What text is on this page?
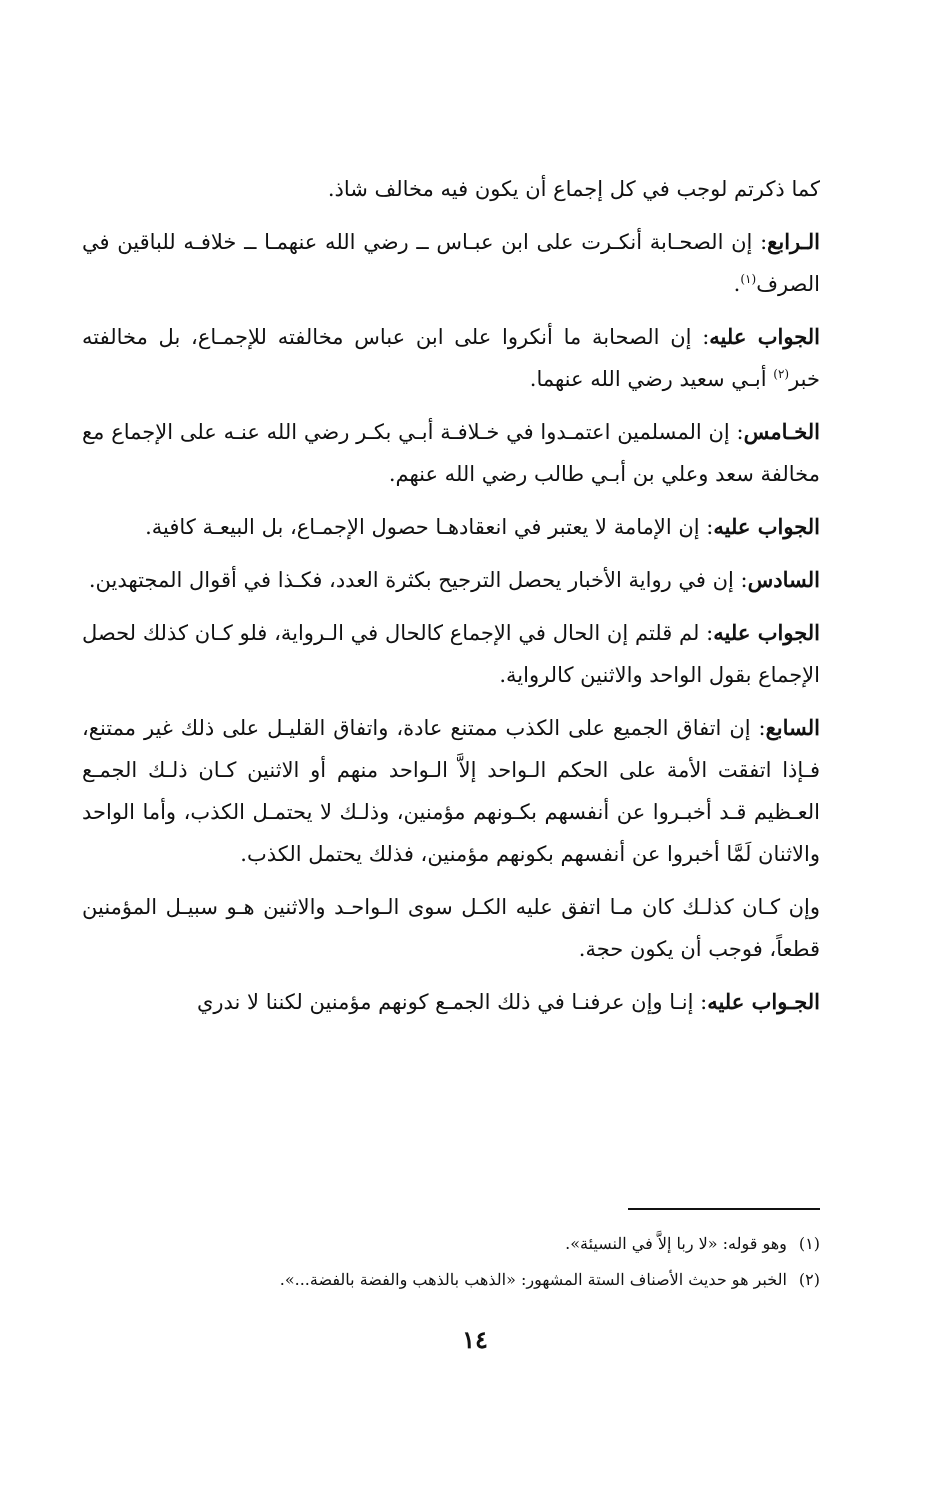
كما ذكرتم لوجب في كل إجماع أن يكون فيه مخالف شاذ.

الـرابع: إن الصحـابة أنكـرت على ابن عبـاس ــ رضي الله عنهمـا ــ خلافـه للباقين في الصرف$^{(١)}$.

الجواب عليه: إن الصحابة ما أنكروا على ابن عباس مخالفته للإجمـاع، بل مخالفته خبر$^{(٢)}$ أبـي سعيد رضي الله عنهما.

الخـامس: إن المسلمين اعتمـدوا في خـلافـة أبـي بكـر رضي الله عنـه على الإجماع مع مخالفة سعد وعلي بن أبـي طالب رضي الله عنهم.

الجواب عليه: إن الإمامة لا يعتبر في انعقادهـا حصول الإجمـاع، بل البيعـة كافية.

السادس: إن في رواية الأخبار يحصل الترجيح بكثرة العدد، فكـذا في أقوال المجتهدين.

الجواب عليه: لم قلتم إن الحال في الإجماع كالحال في الـرواية، فلو كـان كذلك لحصل الإجماع بقول الواحد والاثنين كالرواية.

السابع: إن اتفاق الجميع على الكذب ممتنع عادة، واتفاق القليـل على ذلك غير ممتنع، فـإذا اتفقت الأمة على الحكم الـواحد إلاَّ الـواحد منهم أو الاثنين كـان ذلـك الجمـع العـظيم قـد أخبـروا عن أنفسهم بكـونهم مؤمنين، وذلـك لا يحتمـل الكذب، وأما الواحد والاثنان لَمَّا أخبروا عن أنفسهم بكونهم مؤمنين، فذلك يحتمل الكذب.

وإن كـان كذلـك كان مـا اتفق عليه الكـل سوى الـواحـد والاثنين هـو سبيـل المؤمنين قطعاً، فوجب أن يكون حجة.

الجـواب عليه: إنـا وإن عرفنـا في ذلك الجمـع كونهم مؤمنين لكننا لا ندري

(١)وهو قوله: «لا ربا إلاَّ في النسيئة».

(٢)الخبر هو حديث الأصناف الستة المشهور: «الذهب بالذهب والفضة بالفضة...».

١٤
